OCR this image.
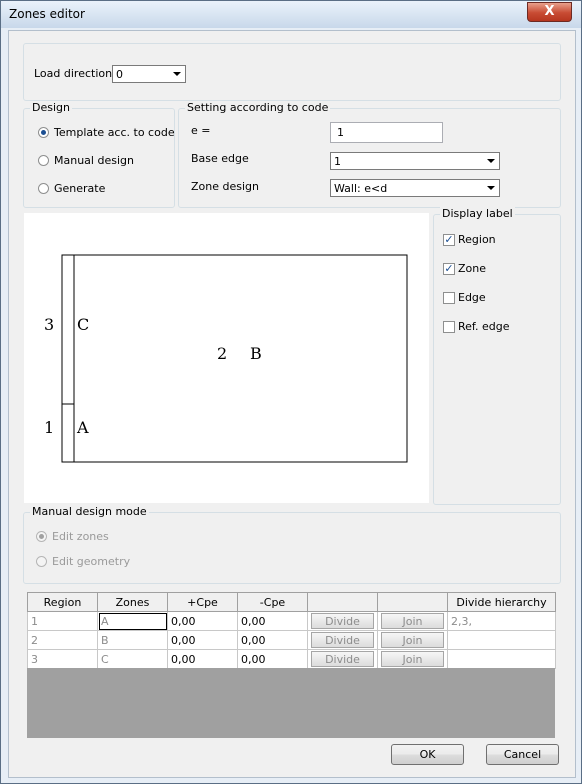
Zones editor	X
Load direction 0
Design
Template acc. to code
Manual design
Generate
Setting according to code
e =	1
Base edge	1
Zone design	Wall: e<d
3 C
2 B
1 A
Display label
✓ Region
✓ Zone
Edge
Ref. edge
Manual design mode
Edit zones
Edit geometry
Region	Zones	+Cpe	-Cpe			Divide hierarchy
1	A	0,00	0,00	Divide	Join	2,3,
2	B	0,00	0,00	Divide	Join	

3	C	0,00	0,00	Divide	Join	

OK	Cancel
